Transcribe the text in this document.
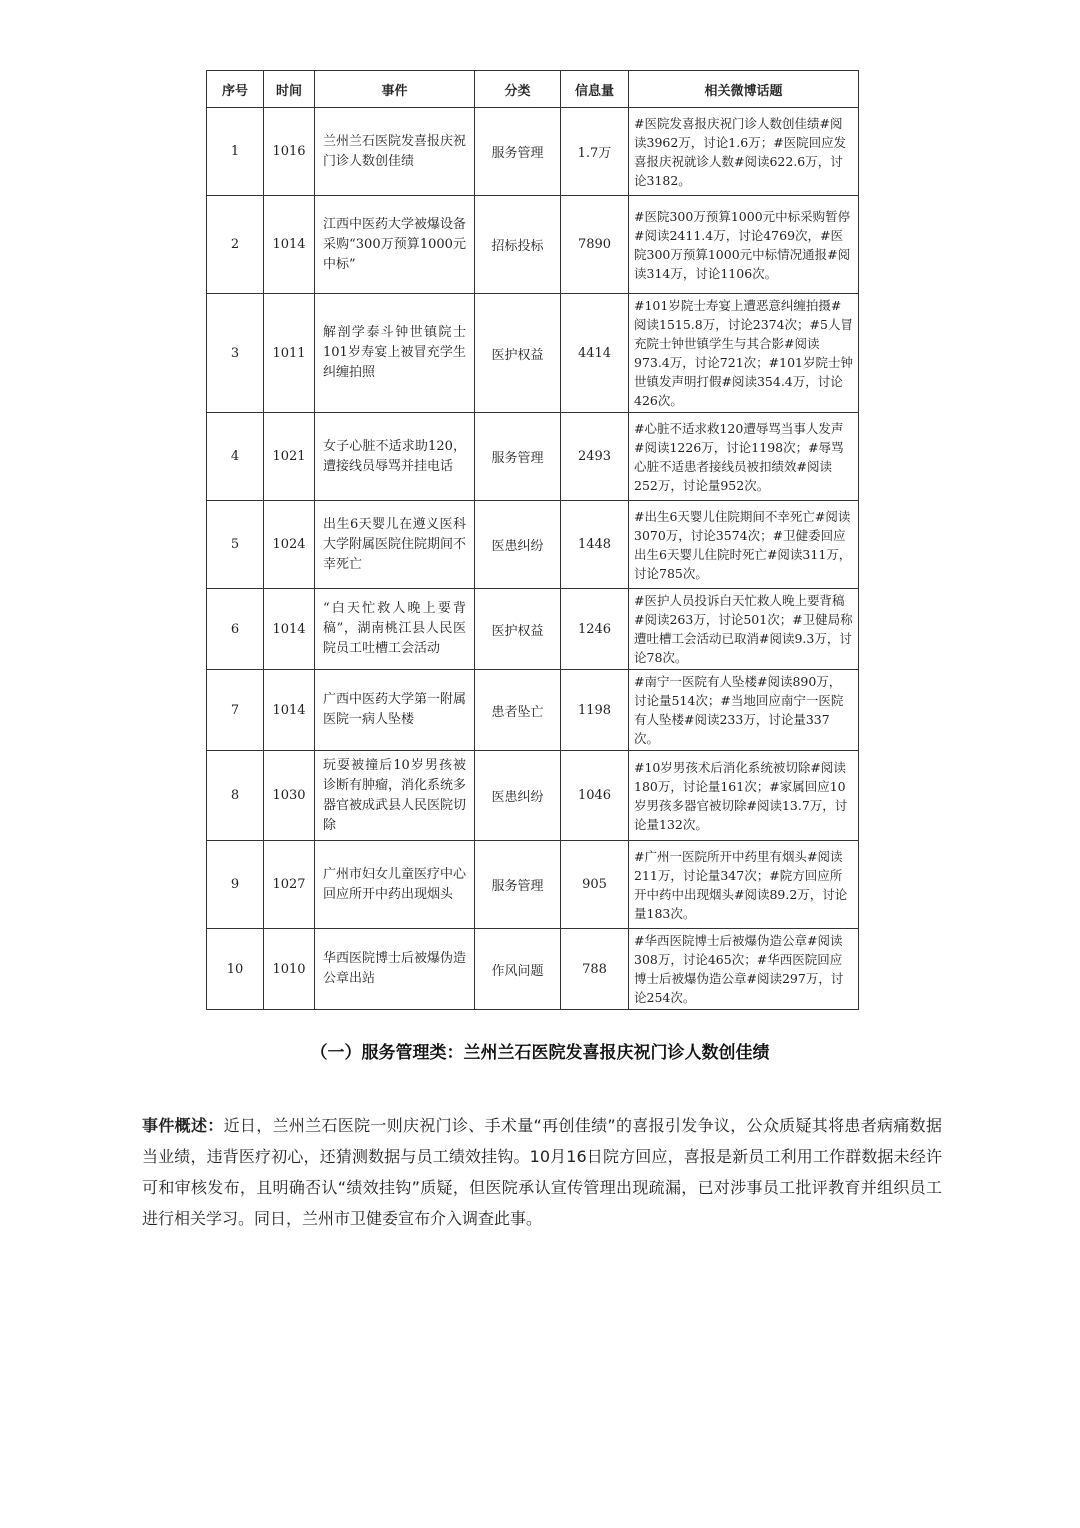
序号	时间	事件	分类	信息量	相关微博话题
1	1016	兰州兰石医院发喜报庆祝门诊人数创佳绩	服务管理	1.7万	#医院发喜报庆祝门诊人数创佳绩#阅读3962万，讨论1.6万；#医院回应发喜报庆祝就诊人数#阅读622.6万，讨论3182。
2	1014	江西中医药大学被爆设备采购“300万预算1000元中标”	招标投标	7890	#医院300万预算1000元中标采购暂停#阅读2411.4万，讨论4769次，#医院300万预算1000元中标情况通报#阅读314万，讨论1106次。
3	1011	解剖学泰斗钟世镇院士101岁寿宴上被冒充学生纠缠拍照	医护权益	4414	#101岁院士寿宴上遭恶意纠缠拍摄#阅读1515.8万，讨论2374次；#5人冒充院士钟世镇学生与其合影#阅读973.4万，讨论721次；#101岁院士钟世镇发声明打假#阅读354.4万，讨论426次。
4	1021	女子心脏不适求助120，遭接线员辱骂并挂电话	服务管理	2493	#心脏不适求救120遭辱骂当事人发声#阅读1226万，讨论1198次；#辱骂心脏不适患者接线员被扣绩效#阅读252万，讨论量952次。
5	1024	出生6天婴儿在遵义医科大学附属医院住院期间不幸死亡	医患纠纷	1448	#出生6天婴儿住院期间不幸死亡#阅读3070万，讨论3574次；#卫健委回应出生6天婴儿住院时死亡#阅读311万，讨论785次。
6	1014	“白天忙救人晚上要背稿”，湖南桃江县人民医院员工吐槽工会活动	医护权益	1246	#医护人员投诉白天忙救人晚上要背稿#阅读263万，讨论501次；#卫健局称遭吐槽工会活动已取消#阅读9.3万，讨论78次。
7	1014	广西中医药大学第一附属医院一病人坠楼	患者坠亡	1198	#南宁一医院有人坠楼#阅读890万，讨论量514次；#当地回应南宁一医院有人坠楼#阅读233万，讨论量337次。
8	1030	玩耍被撞后10岁男孩被诊断有肿瘤，消化系统多器官被成武县人民医院切除	医患纠纷	1046	#10岁男孩术后消化系统被切除#阅读180万，讨论量161次；#家属回应10岁男孩多器官被切除#阅读13.7万，讨论量132次。
9	1027	广州市妇女儿童医疗中心回应所开中药出现烟头	服务管理	905	#广州一医院所开中药里有烟头#阅读211万，讨论量347次；#院方回应所开中药中出现烟头#阅读89.2万，讨论量183次。
10	1010	华西医院博士后被爆伪造公章出站	作风问题	788	#华西医院博士后被爆伪造公章#阅读308万，讨论465次；#华西医院回应博士后被爆伪造公章#阅读297万，讨论254次。
（一）服务管理类：兰州兰石医院发喜报庆祝门诊人数创佳绩

事件概述：近日，兰州兰石医院一则庆祝门诊、手术量“再创佳绩”的喜报引发争议，公众质疑其将患者病痛数据当业绩，违背医疗初心，还猜测数据与员工绩效挂钩。10月16日院方回应，喜报是新员工利用工作群数据未经许可和审核发布，且明确否认“绩效挂钩”质疑，但医院承认宣传管理出现疏漏，已对涉事员工批评教育并组织员工进行相关学习。同日，兰州市卫健委宣布介入调查此事。
